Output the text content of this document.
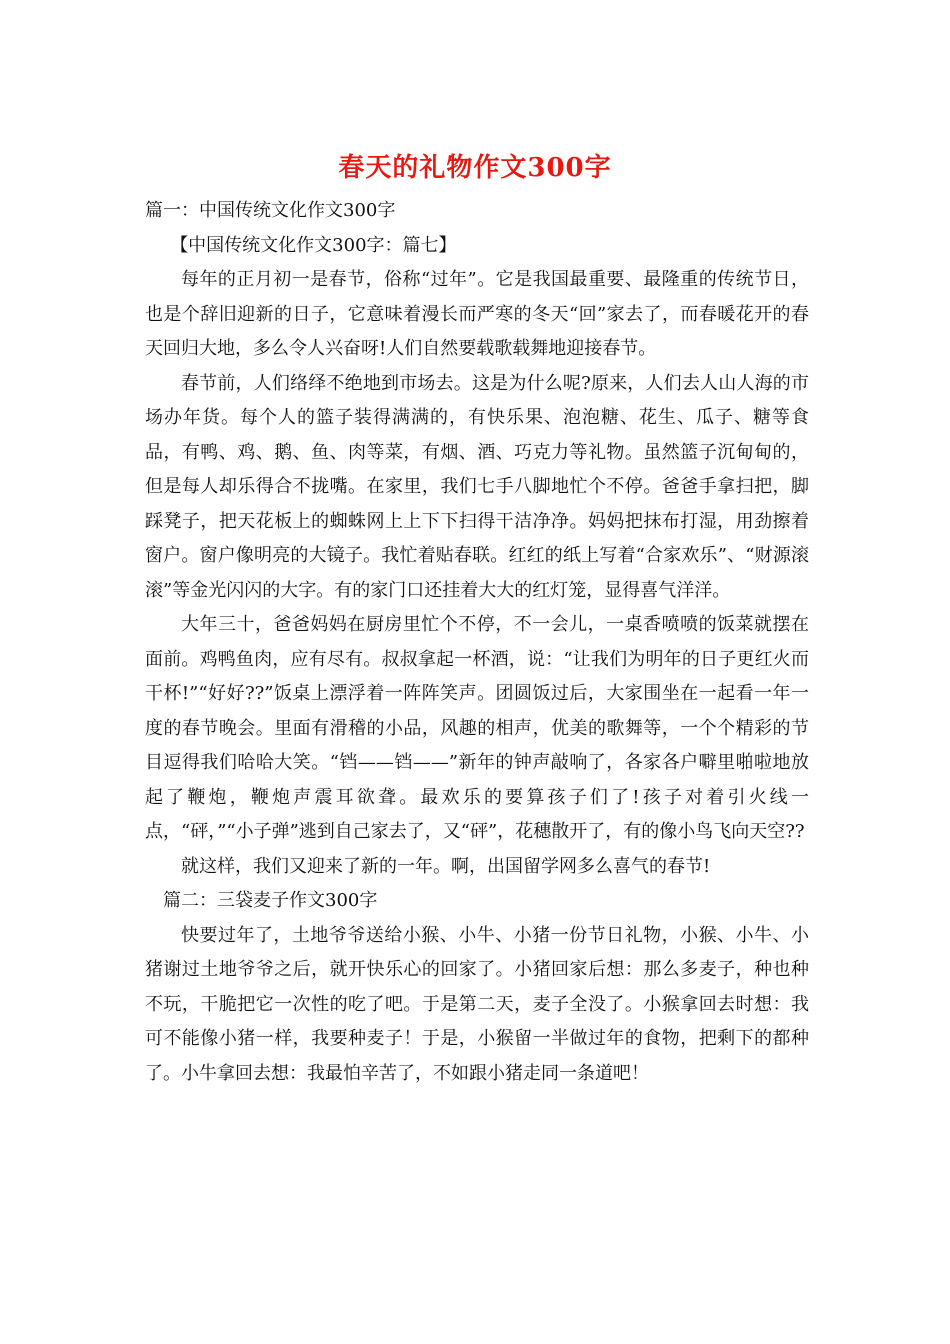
春天的礼物作文300字

篇一：中国传统文化作文300字

【中国传统文化作文300字：篇七】

每年的正月初一是春节，俗称“过年”。它是我国最重要、最隆重的传统节日，也是个辞旧迎新的日子，它意味着漫长而严寒的冬天“回”家去了，而春暖花开的春天回归大地，多么令人兴奋呀!人们自然要载歌载舞地迎接春节。

春节前，人们络绎不绝地到市场去。这是为什么呢?原来，人们去人山人海的市场办年货。每个人的篮子装得满满的，有快乐果、泡泡糖、花生、瓜子、糖等食品，有鸭、鸡、鹅、鱼、肉等菜，有烟、酒、巧克力等礼物。虽然篮子沉甸甸的，但是每人却乐得合不拢嘴。在家里，我们七手八脚地忙个不停。爸爸手拿扫把，脚踩凳子，把天花板上的蜘蛛网上上下下扫得干洁净净。妈妈把抹布打湿，用劲擦着窗户。窗户像明亮的大镜子。我忙着贴春联。红红的纸上写着“合家欢乐”、“财源滚滚”等金光闪闪的大字。有的家门口还挂着大大的红灯笼，显得喜气洋洋。

大年三十，爸爸妈妈在厨房里忙个不停，不一会儿，一桌香喷喷的饭菜就摆在面前。鸡鸭鱼肉，应有尽有。叔叔拿起一杯酒，说：“让我们为明年的日子更红火而干杯!”“好好??”饭桌上漂浮着一阵阵笑声。团圆饭过后，大家围坐在一起看一年一度的春节晚会。里面有滑稽的小品，风趣的相声，优美的歌舞等，一个个精彩的节目逗得我们哈哈大笑。“铛——铛——”新年的钟声敲响了，各家各户噼里啪啦地放起了鞭炮，鞭炮声震耳欲聋。最欢乐的要算孩子们了!孩子对着引火线一点，“砰，”“小子弹”逃到自己家去了，又“砰”，花穗散开了，有的像小鸟飞向天空??

就这样，我们又迎来了新的一年。啊，出国留学网多么喜气的春节!

篇二：三袋麦子作文300字

快要过年了，土地爷爷送给小猴、小牛、小猪一份节日礼物，小猴、小牛、小猪谢过土地爷爷之后，就开快乐心的回家了。小猪回家后想：那么多麦子，种也种不玩，干脆把它一次性的吃了吧。于是第二天，麦子全没了。小猴拿回去时想：我可不能像小猪一样，我要种麦子！于是，小猴留一半做过年的食物，把剩下的都种了。小牛拿回去想：我最怕辛苦了，不如跟小猪走同一条道吧！
